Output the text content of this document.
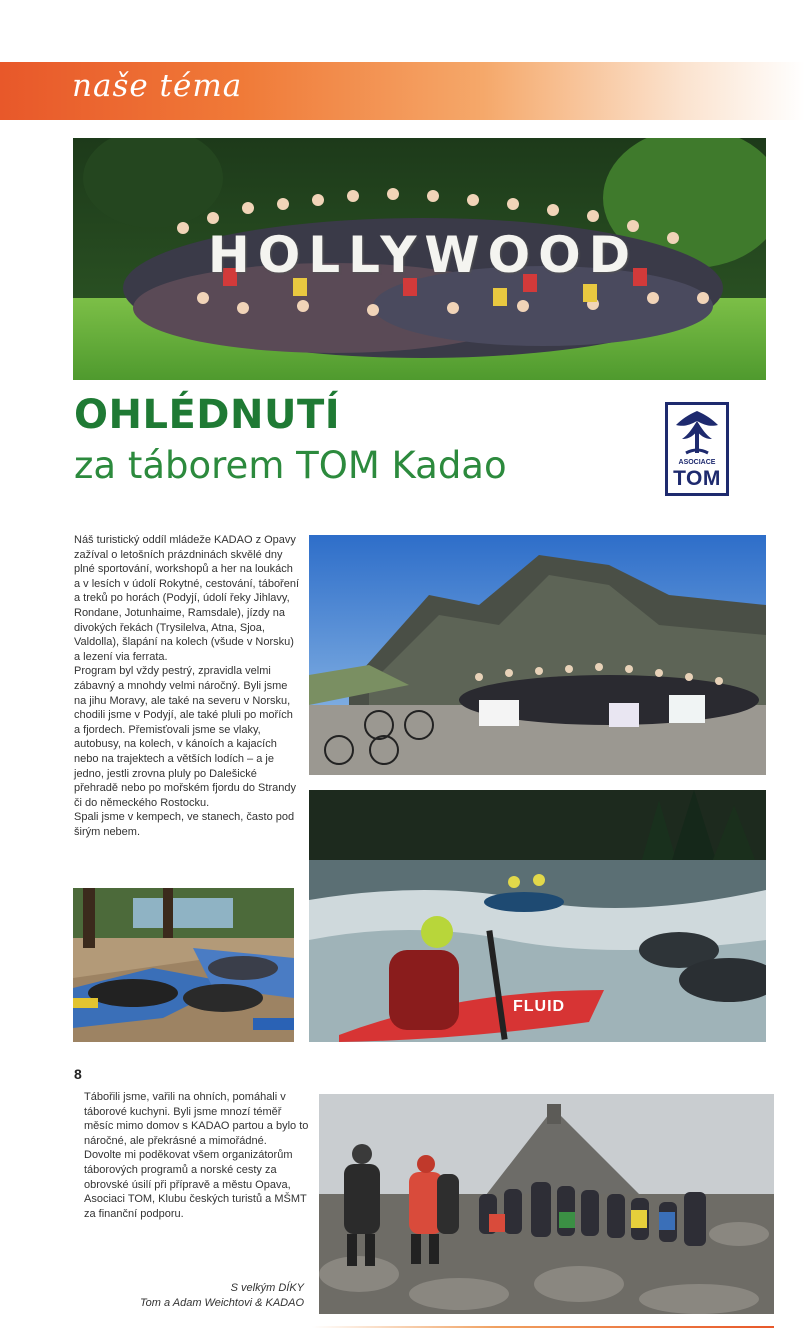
naše téma
HOLLYWOOD
OHLÉDNUTÍ
za táborem TOM Kadao	ASOCIACE
TOM

Náš turistický oddíl mládeže KADAO z Opavy zažíval o letošních prázdninách skvělé dny plné sportování, workshopů a her na loukách a v lesích v údolí Rokytné, cestování, táboření a treků po horách (Podyjí, údolí řeky Jihlavy, Rondane, Jotunhaime, Ramsdale), jízdy na divokých řekách (Trysilelva, Atna, Sjoa, Valdolla), šlapání na kolech (všude v Norsku) a lezení via ferrata.

Program byl vždy pestrý, zpravidla velmi zábavný a mnohdy velmi náročný. Byli jsme na jihu Moravy, ale také na severu v Norsku, chodili jsme v Podyjí, ale také pluli po mořích a fjordech. Přemisťovali jsme se vlaky, autobusy, na kolech, v kánoích a kajacích nebo na trajektech a větších lodích – a je jedno, jestli zrovna pluly po Dalešické přehradě nebo po mořském fjordu do Strandy či do německého Rostocku.

Spali jsme v kempech, ve stanech, často pod širým nebem.

FLUID
8

Tábořili jsme, vařili na ohních, pomáhali v táborové kuchyni. Byli jsme mnozí téměř měsíc mimo domov s KADAO partou a bylo to náročné, ale překrásné a mimořádné.

Dovolte mi poděkovat všem organizátorům táborových programů a norské cesty za obrovské úsilí při přípravě a městu Opava, Asociaci TOM, Klubu českých turistů a MŠMT za finanční podporu.

S velkým DÍKY

Tom a Adam Weichtovi & KADAO
